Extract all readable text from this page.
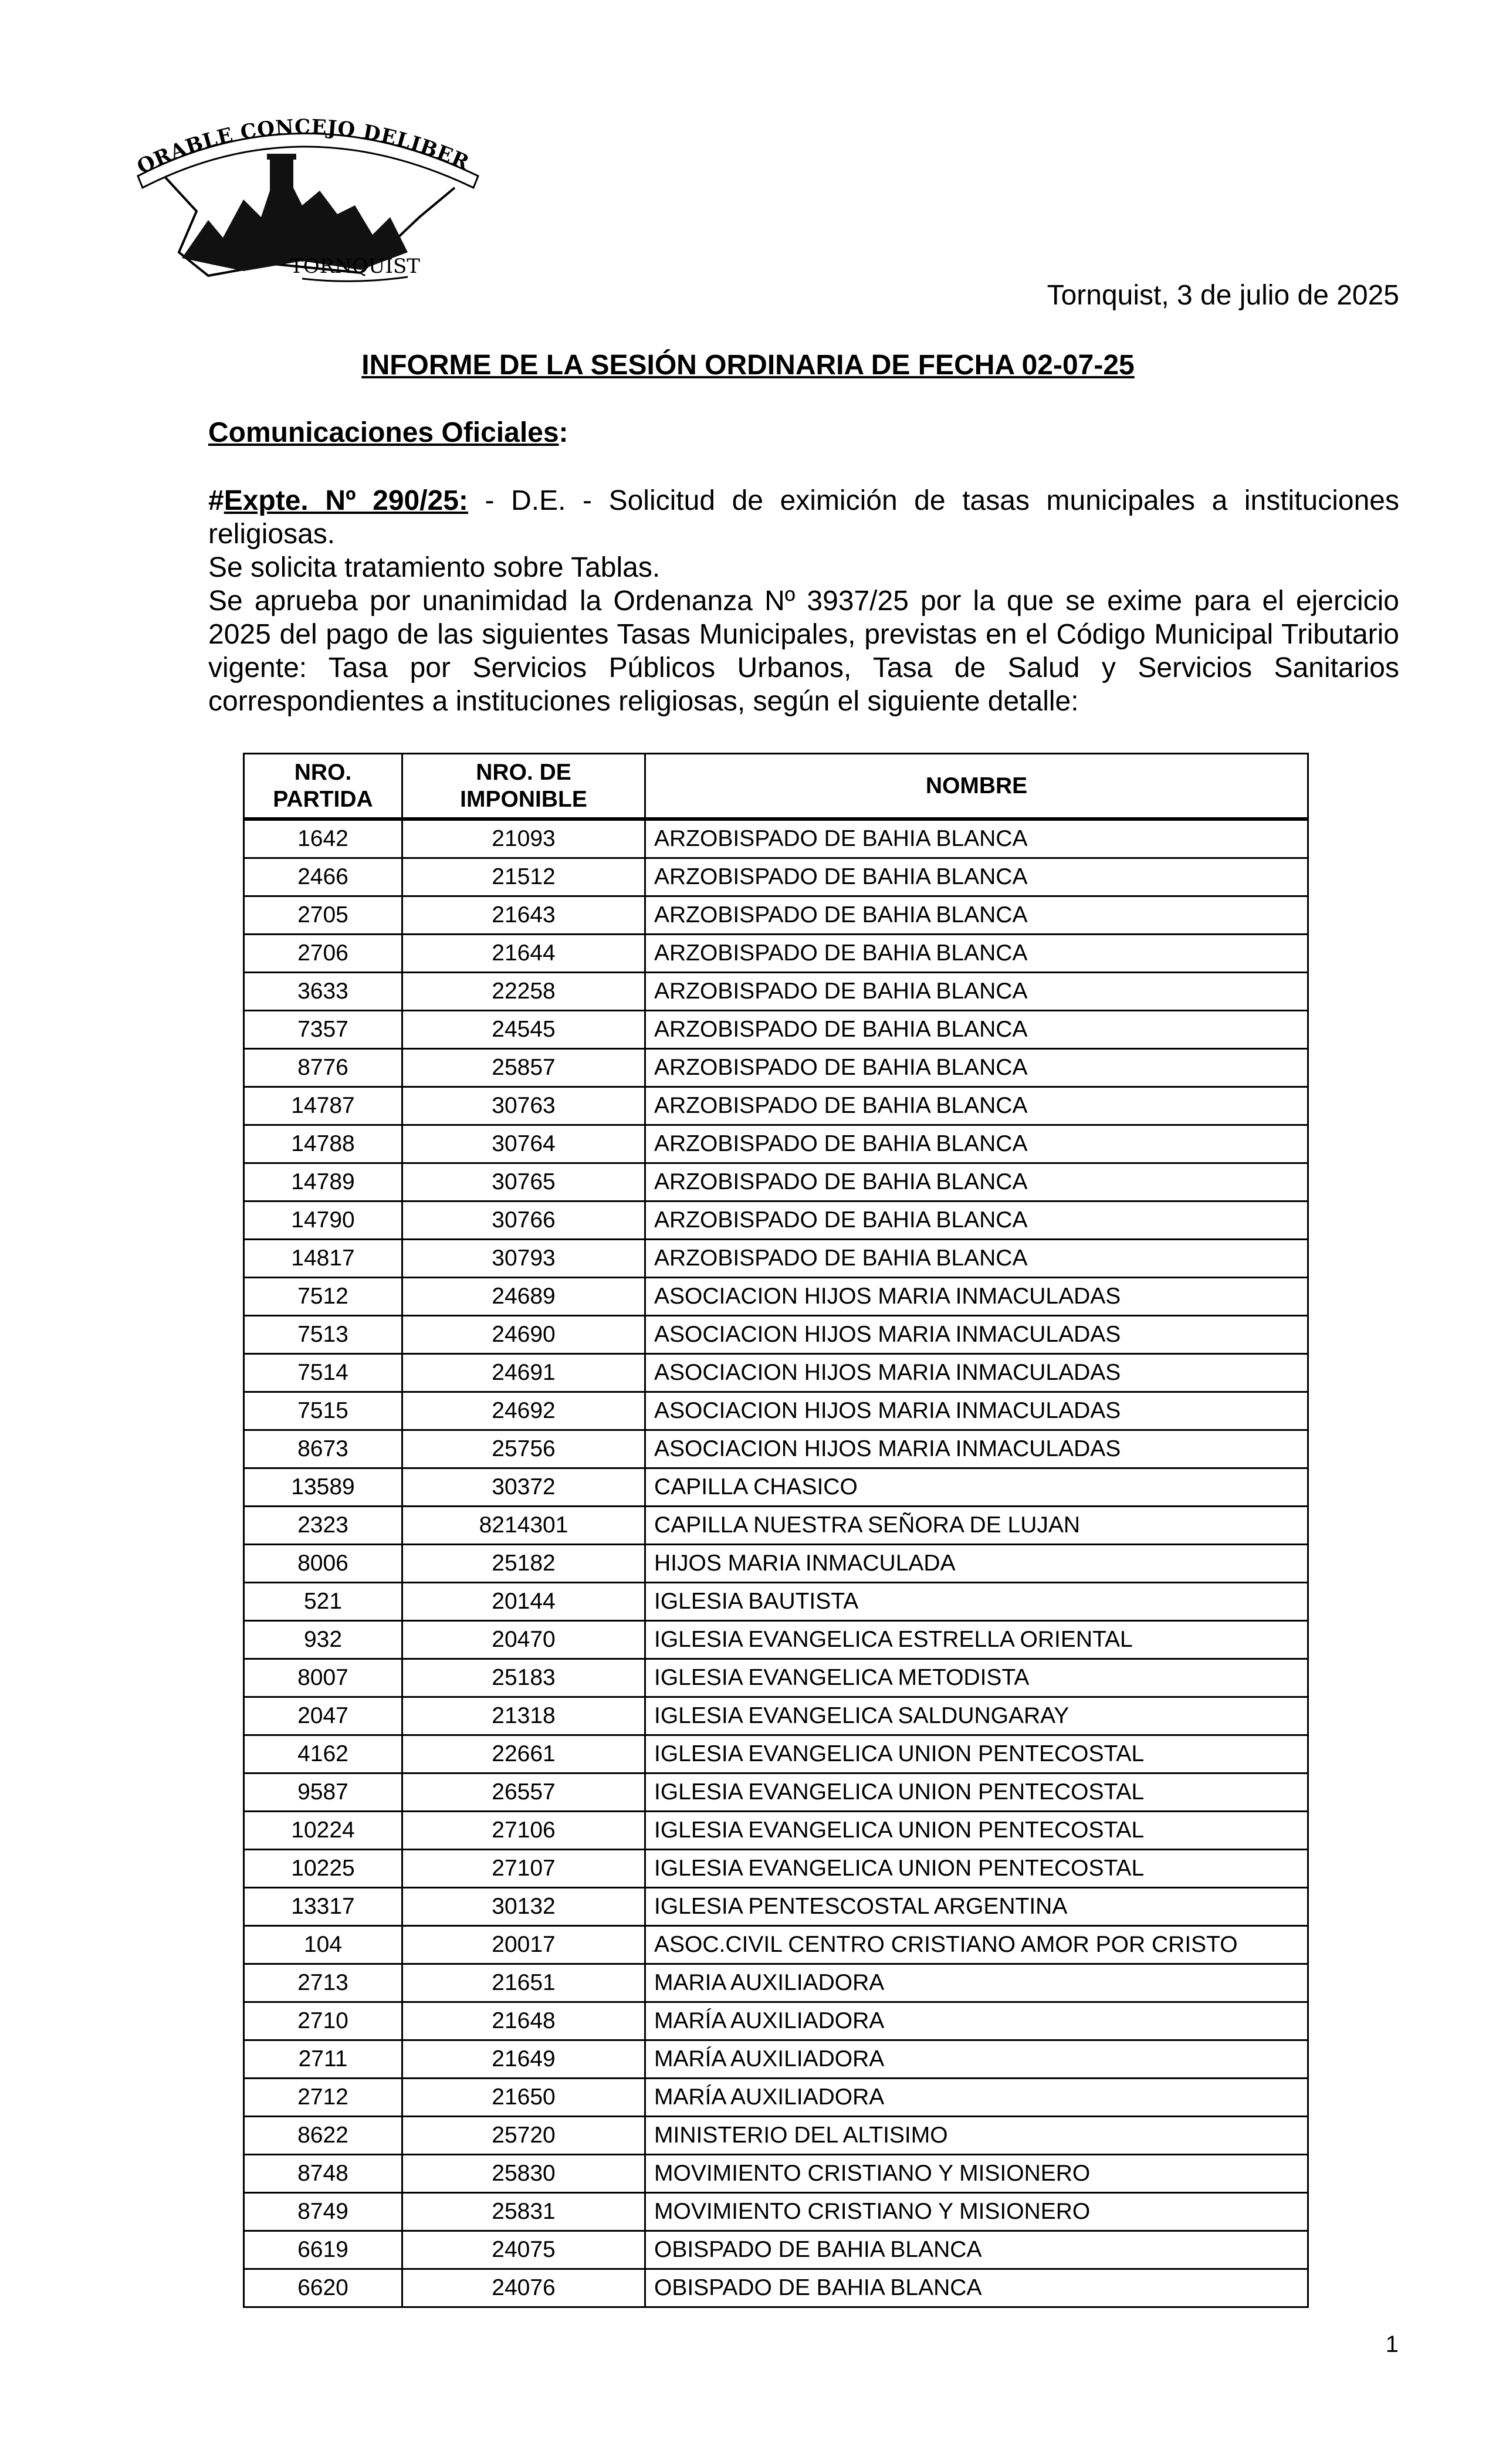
ORABLE CONCEJO DELIBER
TORNQUIST
Tornquist, 3 de julio de 2025
INFORME DE LA SESIÓN ORDINARIA DE FECHA 02-07-25
Comunicaciones Oficiales:

#Expte. Nº 290/25: - D.E. - Solicitud de eximición de tasas municipales a instituciones religiosas.

Se solicita tratamiento sobre Tablas.

Se aprueba por unanimidad la Ordenanza Nº 3937/25 por la que se exime para el ejercicio 2025 del pago de las siguientes Tasas Municipales, previstas en el Código Municipal Tributario vigente: Tasa por Servicios Públicos Urbanos, Tasa de Salud y Servicios Sanitarios correspondientes a instituciones religiosas, según el siguiente detalle:

NRO.
PARTIDA	NRO. DE
IMPONIBLE	NOMBRE
1642	21093	ARZOBISPADO DE BAHIA BLANCA
2466	21512	ARZOBISPADO DE BAHIA BLANCA
2705	21643	ARZOBISPADO DE BAHIA BLANCA
2706	21644	ARZOBISPADO DE BAHIA BLANCA
3633	22258	ARZOBISPADO DE BAHIA BLANCA
7357	24545	ARZOBISPADO DE BAHIA BLANCA
8776	25857	ARZOBISPADO DE BAHIA BLANCA
14787	30763	ARZOBISPADO DE BAHIA BLANCA
14788	30764	ARZOBISPADO DE BAHIA BLANCA
14789	30765	ARZOBISPADO DE BAHIA BLANCA
14790	30766	ARZOBISPADO DE BAHIA BLANCA
14817	30793	ARZOBISPADO DE BAHIA BLANCA
7512	24689	ASOCIACION HIJOS MARIA INMACULADAS
7513	24690	ASOCIACION HIJOS MARIA INMACULADAS
7514	24691	ASOCIACION HIJOS MARIA INMACULADAS
7515	24692	ASOCIACION HIJOS MARIA INMACULADAS
8673	25756	ASOCIACION HIJOS MARIA INMACULADAS
13589	30372	CAPILLA CHASICO
2323	8214301	CAPILLA NUESTRA SEÑORA DE LUJAN
8006	25182	HIJOS MARIA INMACULADA
521	20144	IGLESIA BAUTISTA
932	20470	IGLESIA EVANGELICA ESTRELLA ORIENTAL
8007	25183	IGLESIA EVANGELICA METODISTA
2047	21318	IGLESIA EVANGELICA SALDUNGARAY
4162	22661	IGLESIA EVANGELICA UNION PENTECOSTAL
9587	26557	IGLESIA EVANGELICA UNION PENTECOSTAL
10224	27106	IGLESIA EVANGELICA UNION PENTECOSTAL
10225	27107	IGLESIA EVANGELICA UNION PENTECOSTAL
13317	30132	IGLESIA PENTESCOSTAL ARGENTINA
104	20017	ASOC.CIVIL CENTRO CRISTIANO AMOR POR CRISTO
2713	21651	MARIA AUXILIADORA
2710	21648	MARÍA AUXILIADORA
2711	21649	MARÍA AUXILIADORA
2712	21650	MARÍA AUXILIADORA
8622	25720	MINISTERIO DEL ALTISIMO
8748	25830	MOVIMIENTO CRISTIANO Y MISIONERO
8749	25831	MOVIMIENTO CRISTIANO Y MISIONERO
6619	24075	OBISPADO DE BAHIA BLANCA
6620	24076	OBISPADO DE BAHIA BLANCA
1
